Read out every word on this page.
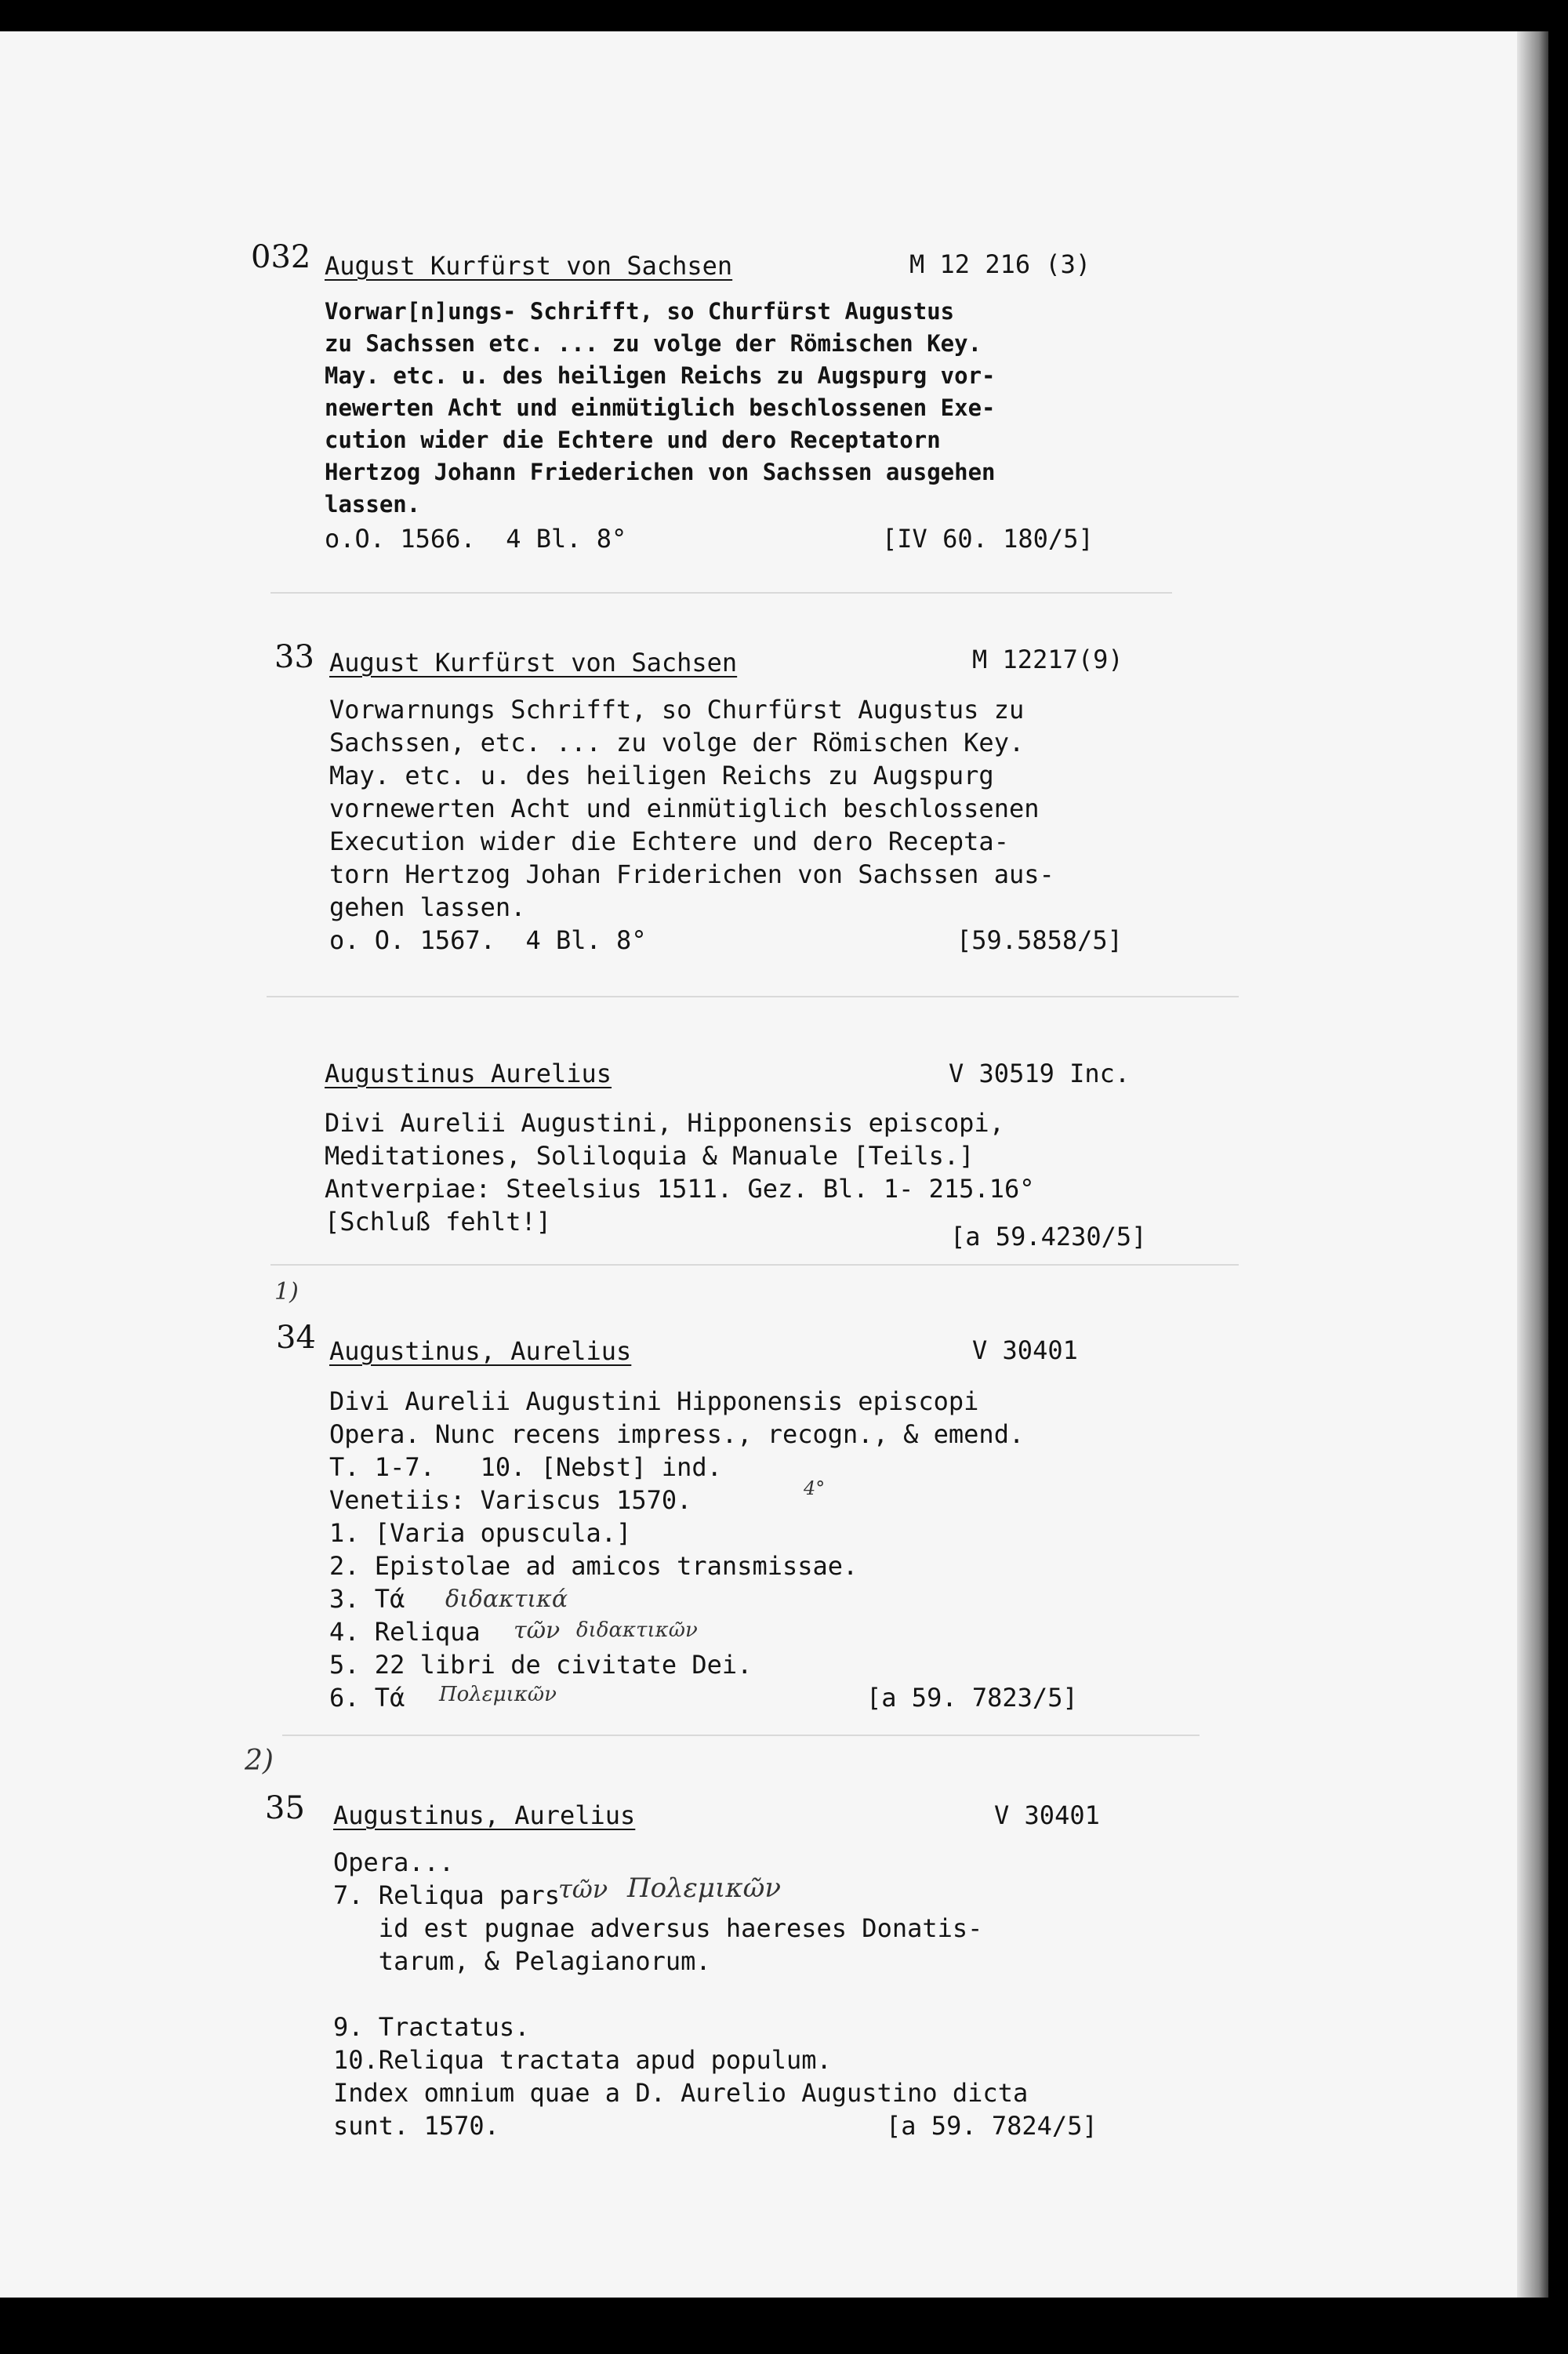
032 August Kurfürst von Sachsen	M 12 216 (3)
Vorwar[n]ungs- Schrifft, so Churfürst Augustus
zu Sachssen etc. ... zu volge der Römischen Key.
May. etc. u. des heiligen Reichs zu Augspurg vor-
newerten Acht und einmütiglich beschlossenen Exe-
cution wider die Echtere und dero Receptatorn
Hertzog Johann Friederichen von Sachssen ausgehen
lassen.
o.O. 1566.  4 Bl. 8°	[IV 60. 180/5]
33 August Kurfürst von Sachsen	M 12217(9)
Vorwarnungs Schrifft, so Churfürst Augustus zu
Sachssen, etc. ... zu volge der Römischen Key.
May. etc. u. des heiligen Reichs zu Augspurg
vornewerten Acht und einmütiglich beschlossenen
Execution wider die Echtere und dero Recepta-
torn Hertzog Johan Friderichen von Sachssen aus-
gehen lassen.
o. O. 1567.  4 Bl. 8°	[59.5858/5]
Augustinus Aurelius	V 30519 Inc.
Divi Aurelii Augustini, Hipponensis episcopi,
Meditationes, Soliloquia & Manuale [Teils.]
Antverpiae: Steelsius 1511. Gez. Bl. 1- 215.16°
[Schluß fehlt!]	[a 59.4230/5]
1)
34 Augustinus, Aurelius	V 30401
Divi Aurelii Augustini Hipponensis episcopi
Opera. Nunc recens impress., recogn., & emend.
T. 1-7.   10. [Nebst] ind.
Venetiis: Variscus 1570.	4°
1. [Varia opuscula.]
2. Epistolae ad amicos transmissae.
3. Tά διδακτικά
4. Reliqua τῶν διδακτικῶν
5. 22 libri de civitate Dei.
6. Tά Πολεμικῶν	[a 59. 7823/5]
2)
35 Augustinus, Aurelius	V 30401
Opera...
7. Reliqua pars
τῶν Πολεμικῶν
id est pugnae adversus haereses Donatis-
tarum, & Pelagianorum.
9. Tractatus.
10.Reliqua tractata apud populum.
Index omnium quae a D. Aurelio Augustino dicta
sunt. 1570.	[a 59. 7824/5]
